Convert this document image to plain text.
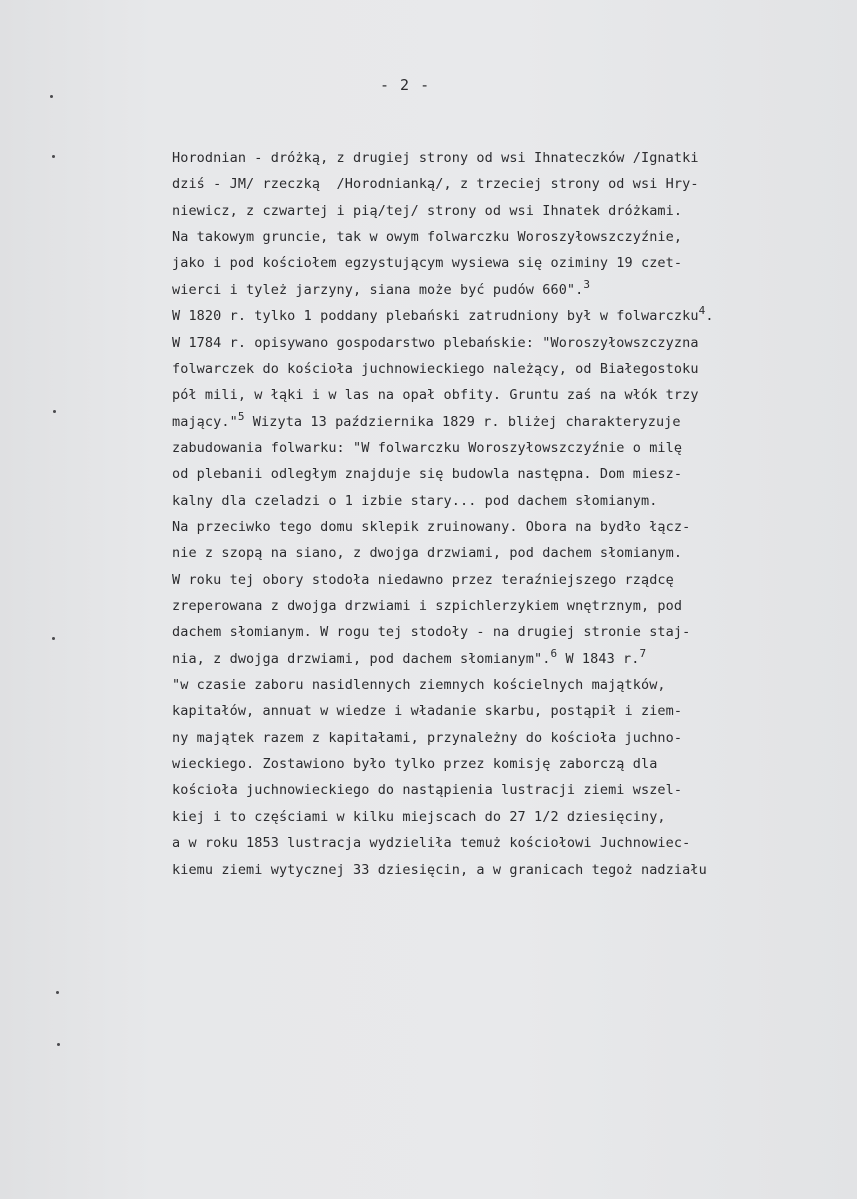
- 2 -
Horodnian - dróżką, z drugiej strony od wsi Ihnateczków /Ignatki
dziś - JM/ rzeczką  /Horodnianką/, z trzeciej strony od wsi Hry-
niewicz, z czwartej i pią/tej/ strony od wsi Ihnatek dróżkami.
Na takowym gruncie, tak w owym folwarczku Woroszyłowszczyźnie,
jako i pod kościołem egzystującym wysiewa się oziminy 19 czet-
wierci i tyleż jarzyny, siana może być pudów 660".$^3$
W 1820 r. tylko 1 poddany plebański zatrudniony był w folwarczku$^4$.
W 1784 r. opisywano gospodarstwo plebańskie: "Woroszyłowszczyzna
folwarczek do kościoła juchnowieckiego należący, od Białegostoku
pół mili, w łąki i w las na opał obfity. Gruntu zaś na włók trzy
mający."$^5$ Wizyta 13 października 1829 r. bliżej charakteryzuje
zabudowania folwarku: "W folwarczku Woroszyłowszczyźnie o milę
od plebanii odległym znajduje się budowla następna. Dom miesz-
kalny dla czeladzi o 1 izbie stary... pod dachem słomianym.
Na przeciwko tego domu sklepik zruinowany. Obora na bydło łącz-
nie z szopą na siano, z dwojga drzwiami, pod dachem słomianym.
W roku tej obory stodoła niedawno przez teraźniejszego rządcę
zreperowana z dwojga drzwiami i szpichlerzykiem wnętrznym, pod
dachem słomianym. W rogu tej stodoły - na drugiej stronie staj-
nia, z dwojga drzwiami, pod dachem słomianym".$^6$ W 1843 r.$^7$
"w czasie zaboru nasidlennych ziemnych kościelnych majątków,
kapitałów, annuat w wiedze i władanie skarbu, postąpił i ziem-
ny majątek razem z kapitałami, przynależny do kościoła juchno-
wieckiego. Zostawiono było tylko przez komisję zaborczą dla
kościoła juchnowieckiego do nastąpienia lustracji ziemi wszel-
kiej i to częściami w kilku miejscach do 27 1/2 dziesięciny,
a w roku 1853 lustracja wydzieliła temuż kościołowi Juchnowiec-
kiemu ziemi wytycznej 33 dziesięcin, a w granicach tegoż nadziału
